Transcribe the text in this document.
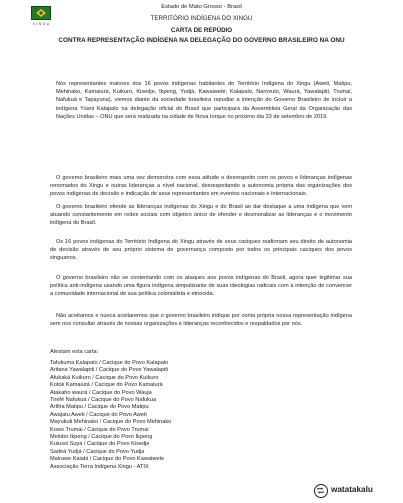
X I N G U
Estado de Mato Grosso - Brasil
TERRITÓRIO INDÍGENA DO XINGU
CARTA DE REPÚDIO
CONTRA REPRESENTAÇÃO INDÍGENA NA DELEGAÇÃO DO GOVERNO BRASILEIRO NA ONU

Nós representantes maiores dos 16 povos indígenas habitantes do Território Indígena do Xingu (Aweti, Matipu, Mehinako, Kamaiurá, Kuikuro, Kisedje, Ikpeng, Yudjá, Kawaiweté, Kalapalo, Narovuto, Waurá, Yawalapiti, Trumai, Nafukuá e Tapayuna), viemos diante da sociedade brasileira repudiar a intenção do Governo Brasileiro de incluir a indígena Ysani Kalapalo na delegação oficial do Brasil que participará da Assembleia Geral da Organização das Nações Unidas – ONU que será realizada na cidade de Nova Iorque no próximo dia 23 de setembro de 2019.

O governo brasileiro mais uma vez demonstra com essa atitude o desrespeito com os povos e lideranças indígenas renomados do Xingu e outras lideranças a nível nacional, desrespeitando a autonomia própria das organizações dos povos indígenas de decisão e indicação de seus representantes em eventos nacionais e internacionais.

O governo brasileiro ofende as lideranças indígenas do Xingu e do Brasil ao dar destaque a uma indígena que vem atuando constantemente em redes sociais com objetivo único de ofender e desmoralizar as lideranças e o movimento indígena do Brasil.

Os 16 povos indígenas do Território Indígena do Xingu através de seus caciques reafirmam seu direito de autonomia de decisão através de seu próprio sistema de governança composto por todos os principais caciques dos povos xinguanos.

O governo brasileiro não se contentando com os ataques aos povos indígenas do Brasil, agora quer legitimar sua política anti-indígena usando uma figura indígena simpatizante de suas ideologias radicais com a intenção de convencer a comunidade internacional de sua política colonialista e etnocida.

Não aceitamos e nunca aceitaremos que o governo brasileiro indique por conta própria nossa representação indígena sem nos consultar através de nossas organizações e lideranças reconhecidos e respaldados por nós.

Atestam esta carta:
Tafukuma Kalapalo / Cacique do Povo Kalapalo
Aritana Yawalapiti / Cacique do Povo Yawalapiti
Afukaká Kuikuro / Cacique do Povo Kuikuro
Kotok Kamaiurá / Cacique do Povo Kamaiurá
Atakaho waurá / Cacique do Povo Wauja
Tirefé Nafukuá / Cacique do Povo Nafukua
Arifira Matipu / Cacique do Povo Matipu
Awajatu Aweti / Cacique do Povo Aweti
Mayukuti Mehinako / Cacique do Povo Mehinako
Kowo Trumai / Cacique do Povo Trumai
Melobo Ikpeng / Cacique do Povo Ikpeng
Kuiussi Suya / Cacique do Povo Kisedje
Sadeá Yudjá / Cacique do Povo Yudja
Mairawe Kaiabi / Cacique do Povo Kawaiwete
Associação Terra Indígena Xingu - ATIX
watatakalu
